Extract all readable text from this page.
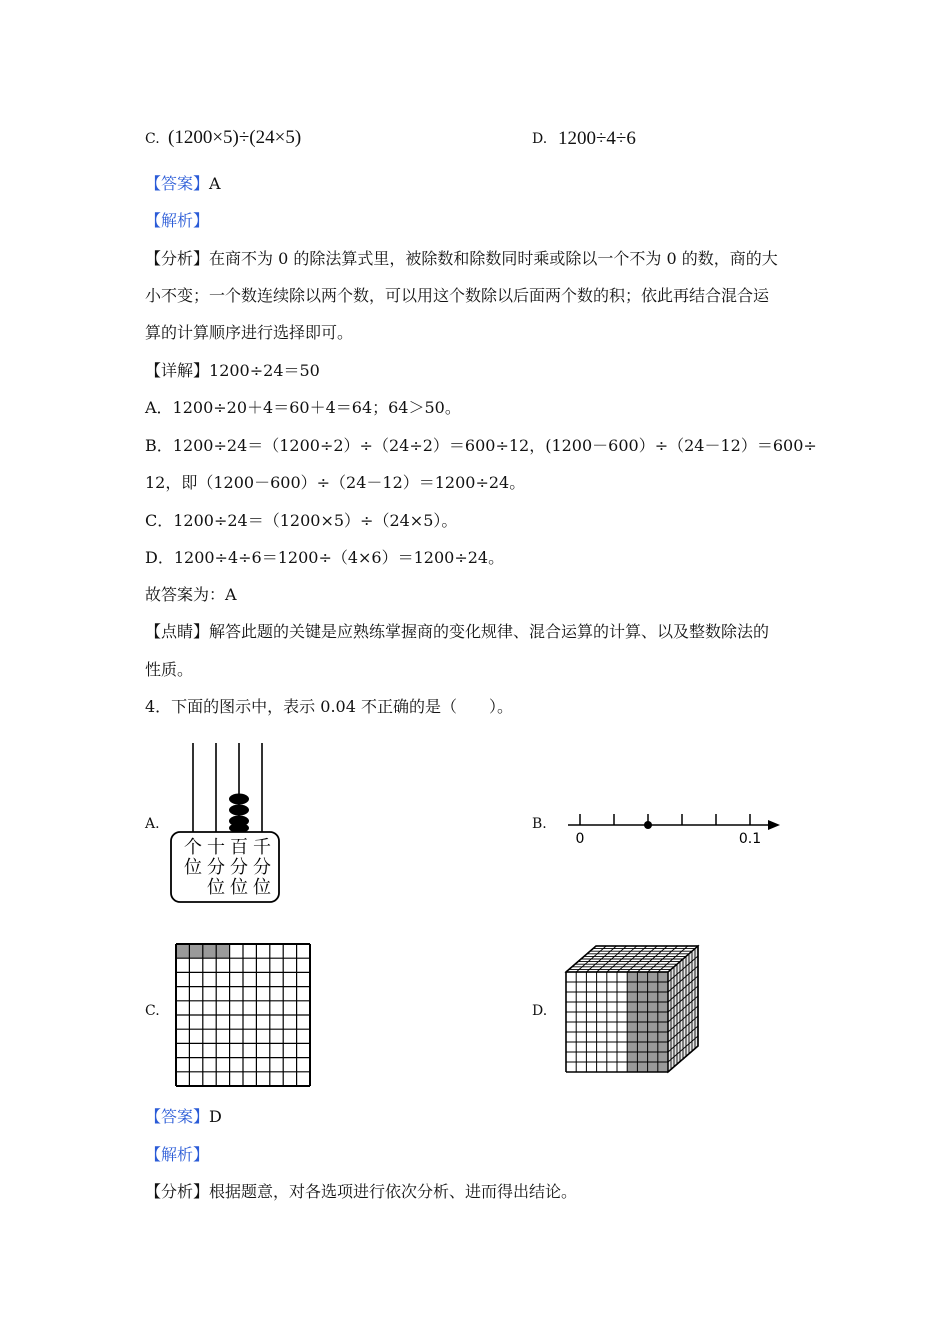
C. (1200×5)÷(24×5)	D. 1200÷4÷6
【答案】A
【解析】
【分析】在商不为 0 的除法算式里，被除数和除数同时乘或除以一个不为 0 的数，商的大
小不变；一个数连续除以两个数，可以用这个数除以后面两个数的积；依此再结合混合运
算的计算顺序进行选择即可。
【详解】1200÷24＝50
A．1200÷20＋4＝60＋4＝64；64＞50。
B．1200÷24＝（1200÷2）÷（24÷2）＝600÷12，(1200－600）÷（24－12）＝600÷
12，即（1200－600）÷（24－12）＝1200÷24。
C．1200÷24＝（1200×5）÷（24×5）。
D．1200÷4÷6＝1200÷（4×6）＝1200÷24。
故答案为：A
【点睛】解答此题的关键是应熟练掌握商的变化规律、混合运算的计算、以及整数除法的
性质。
4．下面的图示中，表示 0.04 不正确的是（　　）。
A.
个
位
十
分
位
百
分
位
千
分
位
B.
0	0.1
C.	D.
【答案】D
【解析】
【分析】根据题意，对各选项进行依次分析、进而得出结论。
